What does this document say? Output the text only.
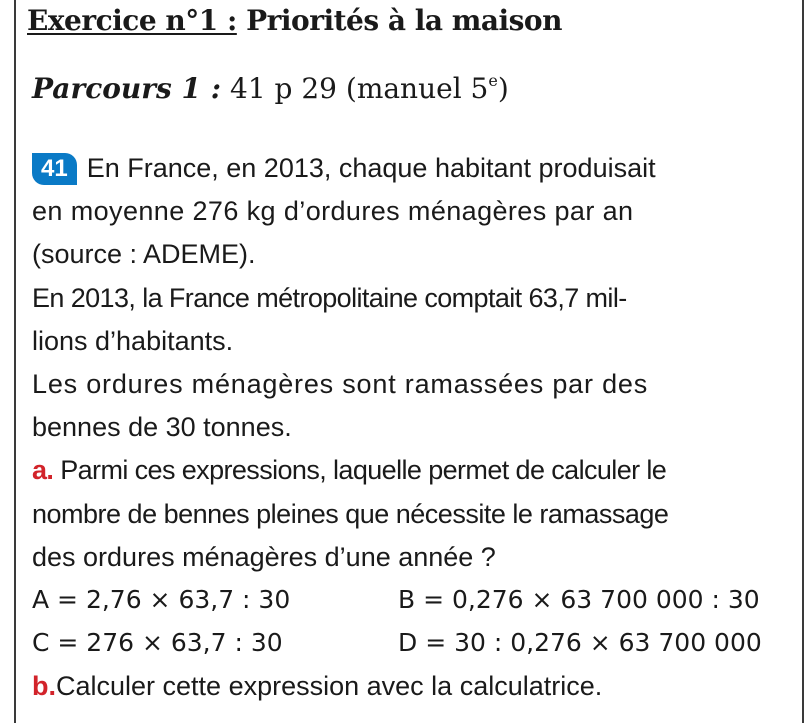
Exercice n°1 : Priorités à la maison
Parcours 1 : 41 p 29 (manuel 5e)
41 En France, en 2013, chaque habitant produisait
en moyenne 276 kg d’ordures ménagères par an
(source : ADEME).
En 2013, la France métropolitaine comptait 63,7 mil-
lions d’habitants.
Les ordures ménagères sont ramassées par des
bennes de 30 tonnes.
a. Parmi ces expressions, laquelle permet de calculer le
nombre de bennes pleines que nécessite le ramassage
des ordures ménagères d’une année ?
A = 2,76 × 63,7 : 30	B = 0,276 × 63 700 000 : 30
C = 276 × 63,7 : 30	D = 30 : 0,276 × 63 700 000
b.Calculer cette expression avec la calculatrice.
